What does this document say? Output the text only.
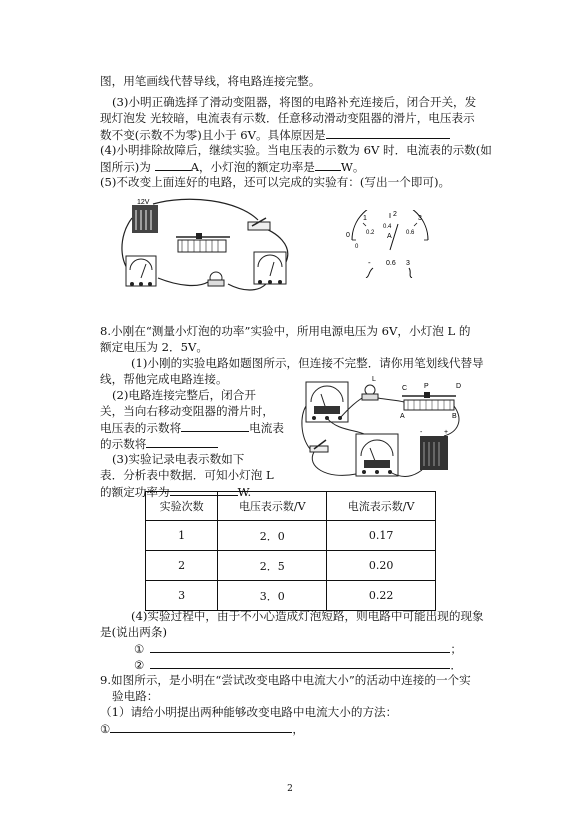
图，用笔画线代替导线，将电路连接完整。
(3)小明正确选择了滑动变阻器，将图的电路补充连接后，闭合开关，发
现灯泡发 光较暗，电流表有示数．任意移动滑动变阻器的滑片，电压表示
数不变(示数不为零)且小于 6V。具体原因是
(4)小明排除故障后，继续实验。当电压表的示数为 6V 时．电流表的示数(如
图所示)为	A，小灯泡的额定功率是 W。
(5)不改变上面连好的电路，还可以完成的实验有：(写出一个即可)。
12V
0
1
2
3
0
0.2
0.4
0.6
A
- 0.6 3
8.小刚在“测量小灯泡的功率”实验中，所用电源电压为 6V，小灯泡 L 的
额定电压为 2．5V。
(1)小刚的实验电路如题图所示，但连接不完整．请你用笔划线代替导
线，帮他完成电路连接。
(2)电路连接完整后，闭合开
关，当向右移动变阻器的滑片时，
电压表的示数将	电流表
的示数将
(3)实验记录电表示数如下
表．分析表中数据．可知小灯泡 L
的额定功率为	W.
L
C P	D
A	B
-	+
实验次数	电压表示数/V	电流表示数/V
1	2．0	0.17
2	2．5	0.20
3	3．0	0.22
(4)实验过程中，由于不小心造成灯泡短路，则电路中可能出现的现象
是(说出两条)
①	；
②	．
9.如图所示，是小明在“尝试改变电路中电流大小”的活动中连接的一个实
验电路：
（1）请给小明提出两种能够改变电路中电流大小的方法：
①	，
2
